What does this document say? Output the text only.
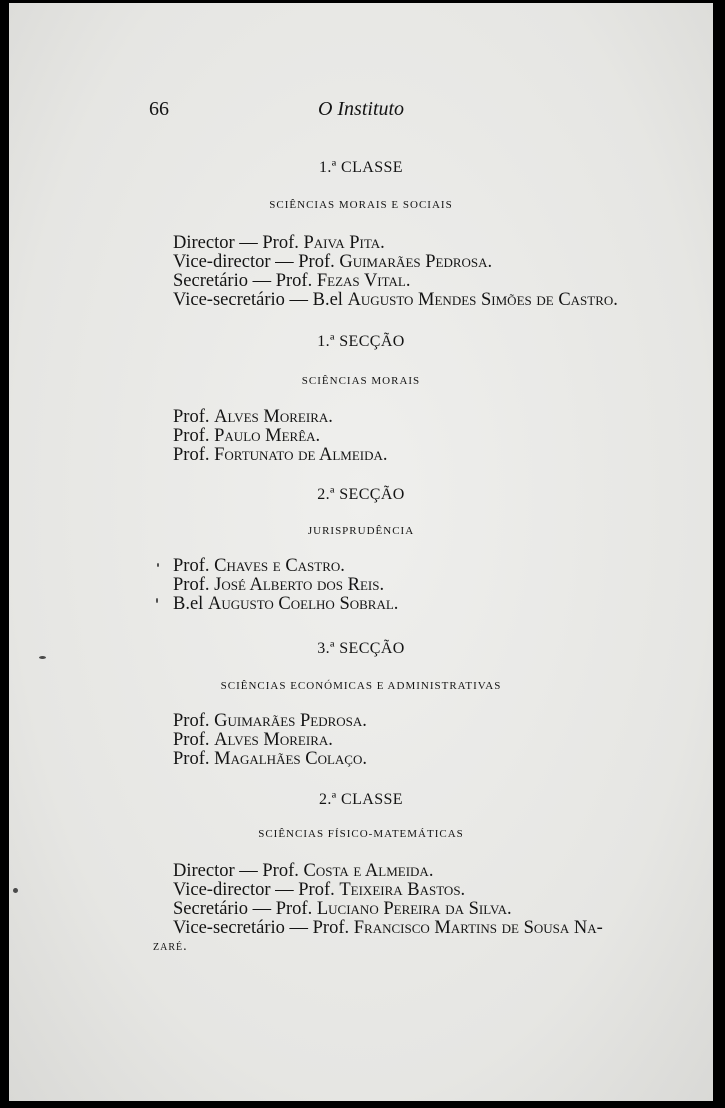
66	O Instituto
1.ª CLASSE
SCIÊNCIAS MORAIS E SOCIAIS
Director — Prof. Paiva Pita.
Vice-director — Prof. Guimarães Pedrosa.
Secretário — Prof. Fezas Vital.
Vice-secretário — B.el Augusto Mendes Simões de Castro.
1.ª SECÇÃO
SCIÊNCIAS MORAIS
Prof. Alves Moreira.
Prof. Paulo Merêa.
Prof. Fortunato de Almeida.
2.ª SECÇÃO
JURISPRUDÊNCIA
Prof. Chaves e Castro.
Prof. José Alberto dos Reis.
B.el Augusto Coelho Sobral.
3.ª SECÇÃO
SCIÊNCIAS ECONÓMICAS E ADMINISTRATIVAS
Prof. Guimarães Pedrosa.
Prof. Alves Moreira.
Prof. Magalhães Colaço.
2.ª CLASSE
SCIÊNCIAS FÍSICO-MATEMÁTICAS
Director — Prof. Costa e Almeida.
Vice-director — Prof. Teixeira Bastos.
Secretário — Prof. Luciano Pereira da Silva.
Vice-secretário — Prof. Francisco Martins de Sousa Na-
zaré.
